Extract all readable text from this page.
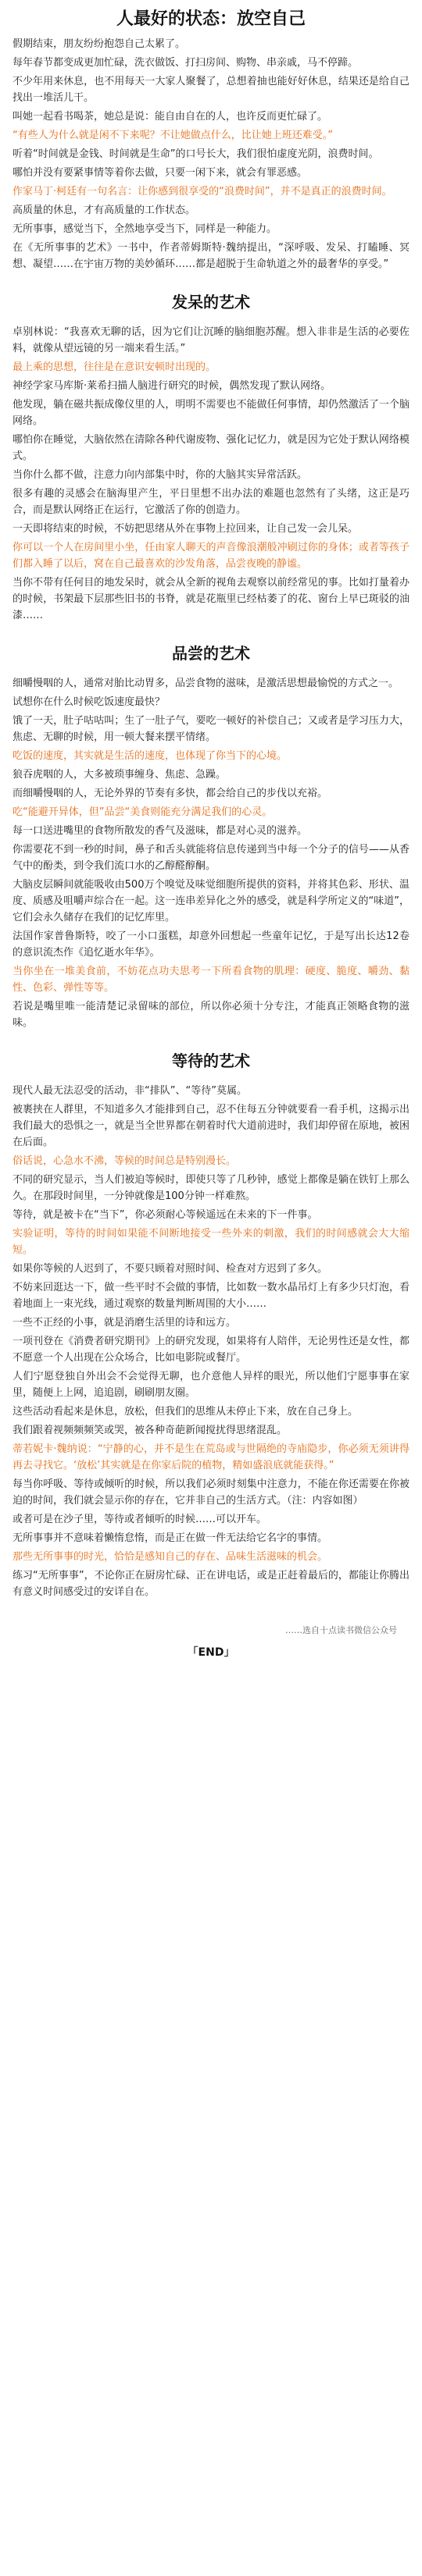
人最好的状态：放空自己

假期结束，朋友纷纷抱怨自己太累了。

每年春节都变成更加忙碌，洗衣做饭、打扫房间、购物、串亲戚，马不停蹄。

不少年用来休息，也不用每天一大家人聚餐了，总想着抽也能好好休息，结果还是给自己找出一堆活儿干。

叫她一起看书喝茶，她总是说：能自由自在的人，也许反而更忙碌了。

“有些人为什么就是闲不下来呢？不让她做点什么，比让她上班还难受。”

听着“时间就是金钱、时间就是生命”的口号长大，我们很怕虚度光阴，浪费时间。

哪怕并没有要紧事情等着你去做，只要一闲下来，就会有罪恶感。

作家马丁·柯廷有一句名言：让你感到很享受的“浪费时间”，并不是真正的浪费时间。

高质量的休息，才有高质量的工作状态。

无所事事，感觉当下，全然地享受当下，同样是一种能力。

在《无所事事的艺术》一书中，作者蒂姆斯特·魏纳提出，“深呼吸、发呆、打瞌睡、冥想、凝望……在宇宙万物的美妙循环……都是超脱于生命轨道之外的最奢华的享受。”

发呆的艺术

卓别林说：“我喜欢无聊的话，因为它们让沉睡的脑细胞苏醒。想入非非是生活的必要佐料，就像从望远镜的另一端来看生活。”

最上乘的思想，往往是在意识安顿时出现的。

神经学家马库斯·莱希扫描人脑进行研究的时候，偶然发现了默认网络。

他发现，躺在磁共振成像仪里的人，明明不需要也不能做任何事情，却仍然激活了一个脑网络。

哪怕你在睡觉，大脑依然在清除各种代谢废物、强化记忆力，就是因为它处于默认网络模式。

当你什么都不做，注意力向内部集中时，你的大脑其实异常活跃。

很多有趣的灵感会在脑海里产生，平日里想不出办法的难题也忽然有了头绪，这正是巧合，而是默认网络正在运行，它激活了你的创造力。

一天即将结束的时候，不妨把思绪从外在事物上拉回来，让自己发一会儿呆。

你可以一个人在房间里小坐，任由家人聊天的声音像浪潮般冲刷过你的身体；或者等孩子们都入睡了以后，窝在自己最喜欢的沙发角落，品尝夜晚的静谧。

当你不带有任何目的地发呆时，就会从全新的视角去观察以前经常见的事。比如打量着办的时候，书架最下层那些旧书的书脊，就是花瓶里已经枯萎了的花、窗台上早已斑驳的油漆……

品尝的艺术

细嚼慢咽的人，通常对胎比动胃多，品尝食物的滋味，是激活思想最愉悦的方式之一。

试想你在什么时候吃饭速度最快？

饿了一天，肚子咕咕叫；生了一肚子气，要吃一顿好的补偿自己；又或者是学习压力大，焦虑、无聊的时候，用一顿大餐来摆平情绪。

吃饭的速度，其实就是生活的速度，也体现了你当下的心境。

狼吞虎咽的人，大多被琐事缠身、焦虑、急躁。

而细嚼慢咽的人，无论外界的节奏有多快，都会给自己的步伐以充裕。

吃“能避开异体，但”品尝“美食则能充分满足我们的心灵。

每一口送进嘴里的食物所散发的香气及滋味，都是对心灵的滋养。

你需要花不到一秒的时间，鼻子和舌头就能将信息传递到当中每一个分子的信号——从香气中的酚类，到令我们流口水的乙醇醛醇酮。

大脑皮层瞬间就能吸收由500万个嗅觉及味觉细胞所提供的资料，并将其色彩、形状、温度、质感及咀嚼声综合在一起。这一连串差异化之外的感受，就是科学所定义的“味道”，它们会永久储存在我们的记忆库里。

法国作家普鲁斯特，咬了一小口蛋糕，却意外回想起一些童年记忆，于是写出长达12卷的意识流杰作《追忆逝水年华》。

当你坐在一堆美食前，不妨花点功夫思考一下所看食物的肌理：硬度、脆度、嚼劲、黏性、色彩、弹性等等。

若说是嘴里唯一能清楚记录留味的部位，所以你必须十分专注，才能真正领略食物的滋味。

等待的艺术

现代人最无法忍受的活动，非“排队”、“等待”莫属。

被裹挟在人群里，不知道多久才能排到自己，忍不住每五分钟就要看一看手机，这揭示出我们最大的恐惧之一，就是当全世界都在朝着时代大道前进时，我们却停留在原地，被困在后面。

俗话说，心急水不沸，等候的时间总是特别漫长。

不同的研究显示，当人们被迫等候时，即使只等了几秒钟，感觉上都像是躺在铁钉上那么久。在那段时间里，一分钟就像是100分钟一样难熬。

等待，就是被卡在“当下”，你必须耐心等候遥远在未来的下一件事。

实验证明，等待的时间如果能不间断地接受一些外来的刺激，我们的时间感就会大大缩短。

如果你等候的人迟到了，不要只顾着对照时间、检查对方迟到了多久。

不妨来回逛达一下，做一些平时不会做的事情，比如数一数水晶吊灯上有多少只灯泡，看着地面上一束光线，通过观察的数量判断周围的大小……

一些不正经的小事，就是消磨生活里的诗和远方。

一项刊登在《消费者研究期刊》上的研究发现，如果将有人陪伴，无论男性还是女性，都不愿意一个人出现在公众场合，比如电影院或餐厅。

人们宁愿登独自外出会不会觉得无聊，也介意他人异样的眼光，所以他们宁愿事事在家里，随便上上网，追追剧，刷刷朋友圈。

这些活动看起来是休息，放松，但我们的思维从未停止下来，放在自己身上。

我们跟着视频频频笑或哭，被各种奇葩新闻搅扰得思绪混乱。

蒂若妮卡·魏纳说：“宁静的心，并不是生在荒岛或与世隔绝的寺庙隐步，你必须无须讲得再去寻找它。‘放松’其实就是在你家后院的植物，精如盛浪底就能获得。”

每当你呼吸、等待或倾听的时候，所以我们必须时刻集中注意力，不能在你还需要在你被迫的时间，我们就会显示你的存在，它并非自己的生活方式。（注：内容如图）

或者可是在沙子里，等待或者倾听的时候……可以开车。

无所事事并不意味着懒惰怠惰，而是正在做一件无法给它名字的事情。

那些无所事事的时光，恰恰是感知自己的存在、品味生活滋味的机会。

练习“无所事事”，不论你正在厨房忙碌、正在讲电话，或是正赶着最后的，都能让你腾出有意义时间感受过的安详自在。

……选自十点读书微信公众号
「END」
